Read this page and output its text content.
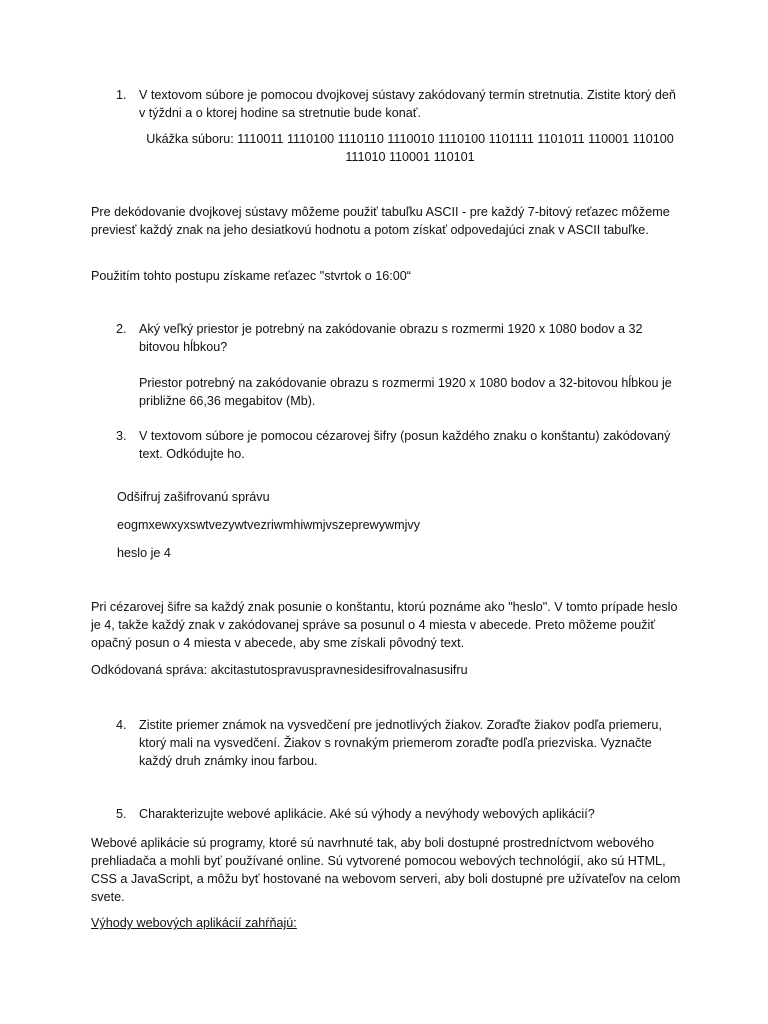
1. V textovom súbore je pomocou dvojkovej sústavy zakódovaný termín stretnutia. Zistite ktorý deň v týždni a o ktorej hodine sa stretnutie bude konať.

Ukážka súboru: 1110011 1110100 1110110 1110010 1110100 1101111 1101011 110001 110100 111010 110001 110101

Pre dekódovanie dvojkovej sústavy môžeme použiť tabuľku ASCII - pre každý 7-bitový reťazec môžeme previesť každý znak na jeho desiatkovú hodnotu a potom získať odpovedajúci znak v ASCII tabuľke.

Použitím tohto postupu získame reťazec "stvrtok o 16:00“

2. Aký veľký priestor je potrebný na zakódovanie obrazu s rozmermi 1920 x 1080 bodov a 32 bitovou hĺbkou?

Priestor potrebný na zakódovanie obrazu s rozmermi 1920 x 1080 bodov a 32-bitovou hĺbkou je približne 66,36 megabitov (Mb).

3. V textovom súbore je pomocou cézarovej šifry (posun každého znaku o konštantu) zakódovaný text. Odkódujte ho.

Odšifruj zašifrovanú správu

eogmxewxyxswtvezywtvezriwmhiwmjvszeprewywmjvy

heslo je 4

Pri cézarovej šifre sa každý znak posunie o konštantu, ktorú poznáme ako "heslo". V tomto prípade heslo je 4, takže každý znak v zakódovanej správe sa posunul o 4 miesta v abecede. Preto môžeme použiť opačný posun o 4 miesta v abecede, aby sme získali pôvodný text.

Odkódovaná správa: akcitastutospravuspravnesidesifrovalnasusifru

4. Zistite priemer známok na vysvedčení pre jednotlivých žiakov. Zoraďte žiakov podľa priemeru, ktorý mali na vysvedčení. Žiakov s rovnakým priemerom zoraďte podľa priezviska. Vyznačte každý druh známky inou farbou.

5. Charakterizujte webové aplikácie. Aké sú výhody a nevýhody webových aplikácií?

Webové aplikácie sú programy, ktoré sú navrhnuté tak, aby boli dostupné prostredníctvom webového prehliadača a mohli byť používané online. Sú vytvorené pomocou webových technológií, ako sú HTML, CSS a JavaScript, a môžu byť hostované na webovom serveri, aby boli dostupné pre užívateľov na celom svete.

Výhody webových aplikácií zahŕňajú:
